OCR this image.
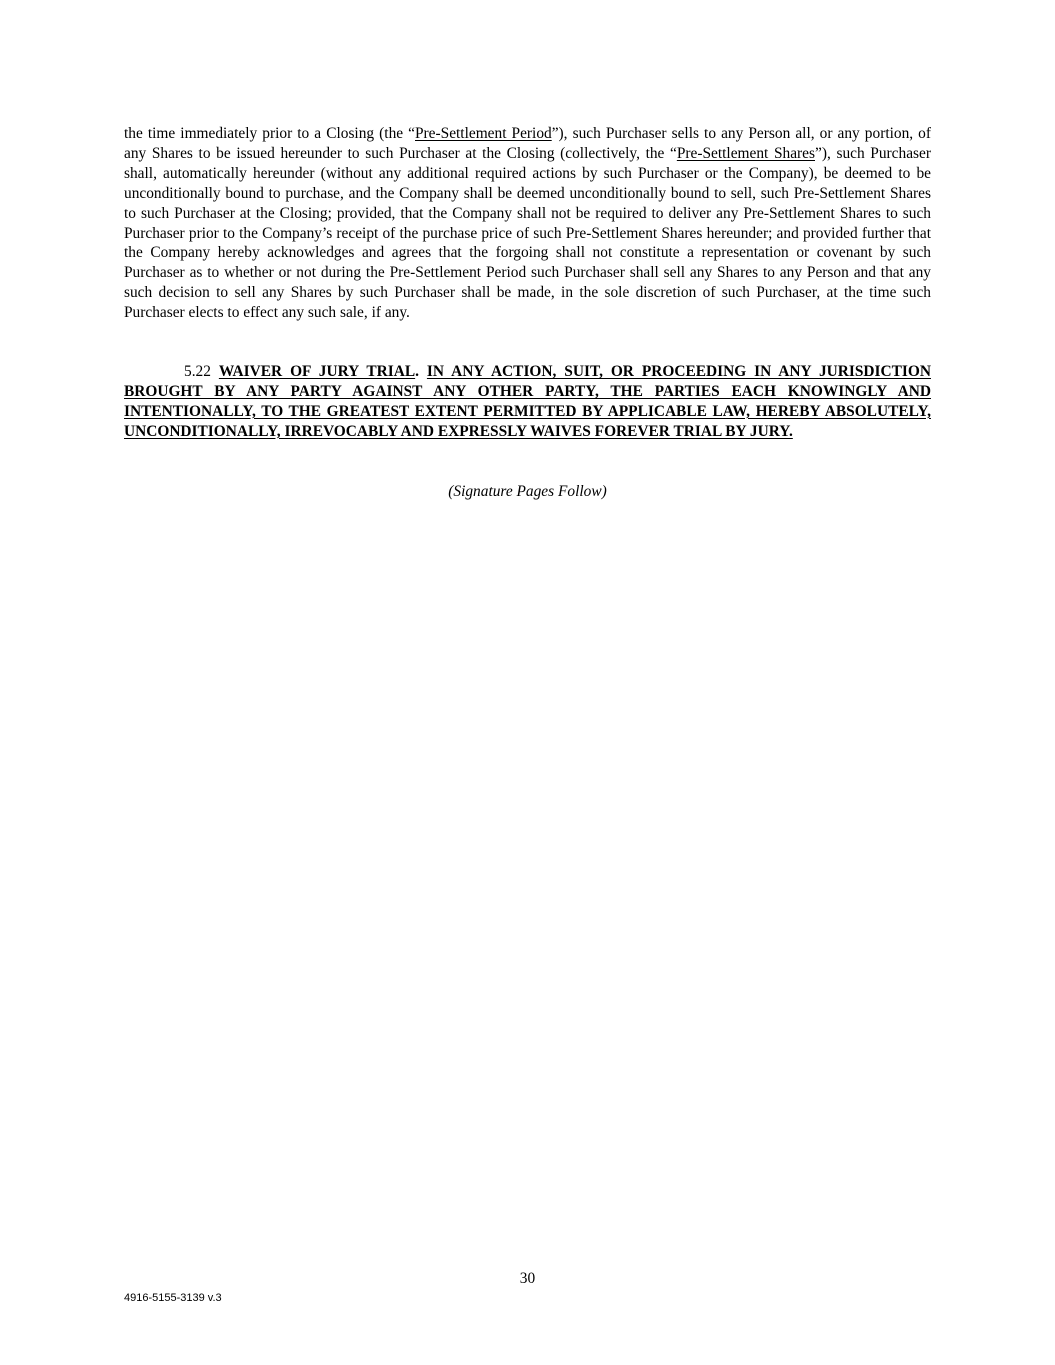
the time immediately prior to a Closing (the “Pre-Settlement Period”), such Purchaser sells to any Person all, or any portion, of any Shares to be issued hereunder to such Purchaser at the Closing (collectively, the “Pre-Settlement Shares”), such Purchaser shall, automatically hereunder (without any additional required actions by such Purchaser or the Company), be deemed to be unconditionally bound to purchase, and the Company shall be deemed unconditionally bound to sell, such Pre-Settlement Shares to such Purchaser at the Closing; provided, that the Company shall not be required to deliver any Pre-Settlement Shares to such Purchaser prior to the Company’s receipt of the purchase price of such Pre-Settlement Shares hereunder; and provided further that the Company hereby acknowledges and agrees that the forgoing shall not constitute a representation or covenant by such Purchaser as to whether or not during the Pre-Settlement Period such Purchaser shall sell any Shares to any Person and that any such decision to sell any Shares by such Purchaser shall be made, in the sole discretion of such Purchaser, at the time such Purchaser elects to effect any such sale, if any.

5.22 WAIVER OF JURY TRIAL. IN ANY ACTION, SUIT, OR PROCEEDING IN ANY JURISDICTION BROUGHT BY ANY PARTY AGAINST ANY OTHER PARTY, THE PARTIES EACH KNOWINGLY AND INTENTIONALLY, TO THE GREATEST EXTENT PERMITTED BY APPLICABLE LAW, HEREBY ABSOLUTELY, UNCONDITIONALLY, IRREVOCABLY AND EXPRESSLY WAIVES FOREVER TRIAL BY JURY.

(Signature Pages Follow)
30
4916-5155-3139 v.3
